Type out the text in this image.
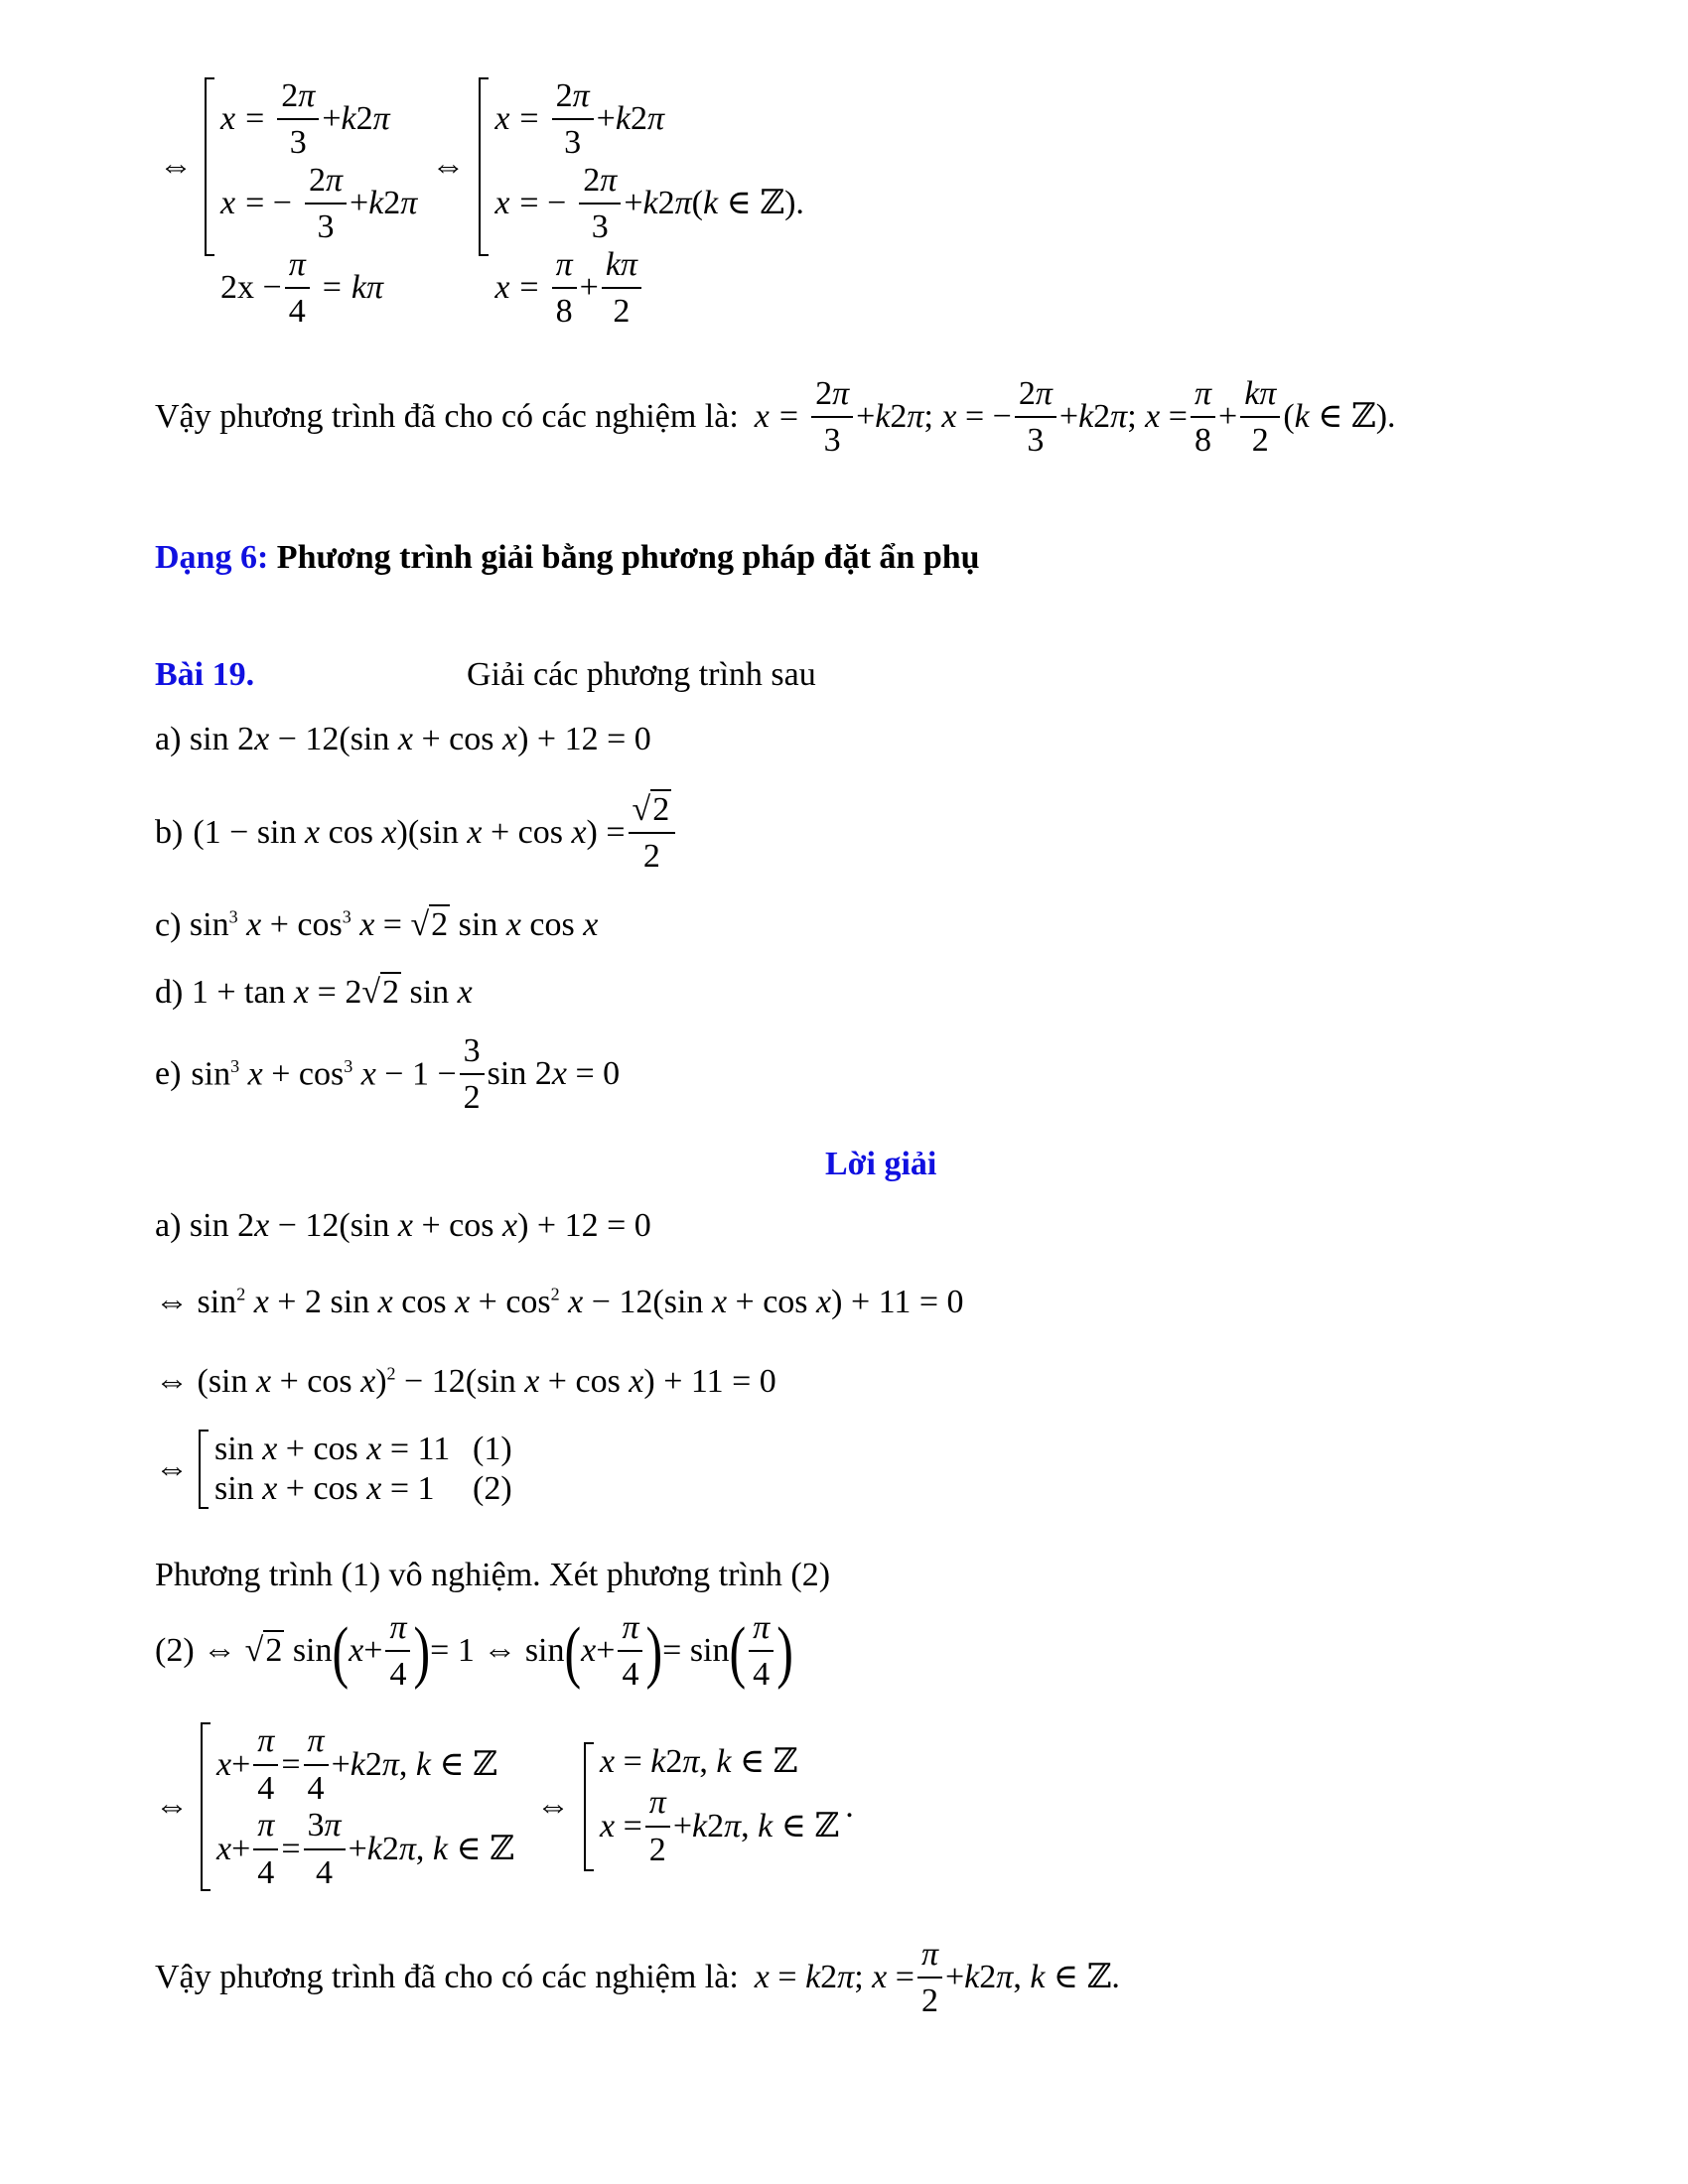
⇔
$x = \frac{2\pi}{3} +k2\pi$
x = − $\frac{2\pi}{3} +k2\pi$
$2x - \frac{\pi}{4} = k\pi$
⇔
$x = \frac{2\pi}{3} +k2\pi$
x = − $\frac{2\pi}{3} +k2\pi(k$ ∈ ℤ).
$x = \frac{\pi}{8} + \frac{k\pi}{2}$
Vậy phương trình đã cho có các nghiệm là: $x = \frac{2\pi}{3} +k2\pi$; x = − $\frac{2\pi}{3} +k2\pi$; $x = \frac{\pi}{8} + \frac{k\pi}{2} (k$ ∈ ℤ).
Dạng 6: Phương trình giải bằng phương pháp đặt ẩn phụ
Bài 19.	Giải các phương trình sau
a) sin 2x − 12(sin x + cos x) + 12 = 0
b) (1 − sin x cos x)(sin $x + \cos x) = \frac{√2}{2}$
c) $\sin^3 x + \cos^3 x = √2$ sin x cos x
d) 1 + tan x = 2√2 sin x
e) $\sin^3 x + \cos^3 x - 1 - \frac{3}{2}$ sin 2x = 0
Lời giải
a) sin 2x − 12(sin x + cos x) + 12 = 0
⇔ $\sin^2 x + 2$ sin x $\cos x + \cos^2 x - 12(\sin$ x + cos x) + 11 = 0
⇔ (sin x + cos x)$^2$ − 12(sin x + cos x) + 11 = 0
⇔
sin x + cos x = 11 (1)
sin x + cos x = 1	(2)
Phương trình (1) vô nghiệm. Xét phương trình (2)
(2) ⇔ √2 sin ( $x + \frac{\pi}{4}$ ) = 1 ⇔ sin ( $x + \frac{\pi}{4}$ ) = sin ( $\frac{\pi}{4}$ )
⇔
$x + \frac{\pi}{4} = \frac{\pi}{4} +k2\pi$, k ∈ ℤ
$x + \frac{\pi}{4} = \frac{3\pi}{4} +k2\pi$, k ∈ ℤ
⇔
x = k2π, k ∈ ℤ
$x = \frac{\pi}{2} +k2\pi$, k ∈ ℤ
.
Vậy phương trình đã cho có các nghiệm là: x = k2π; $x = \frac{\pi}{2} +k2\pi$, k ∈ ℤ.
